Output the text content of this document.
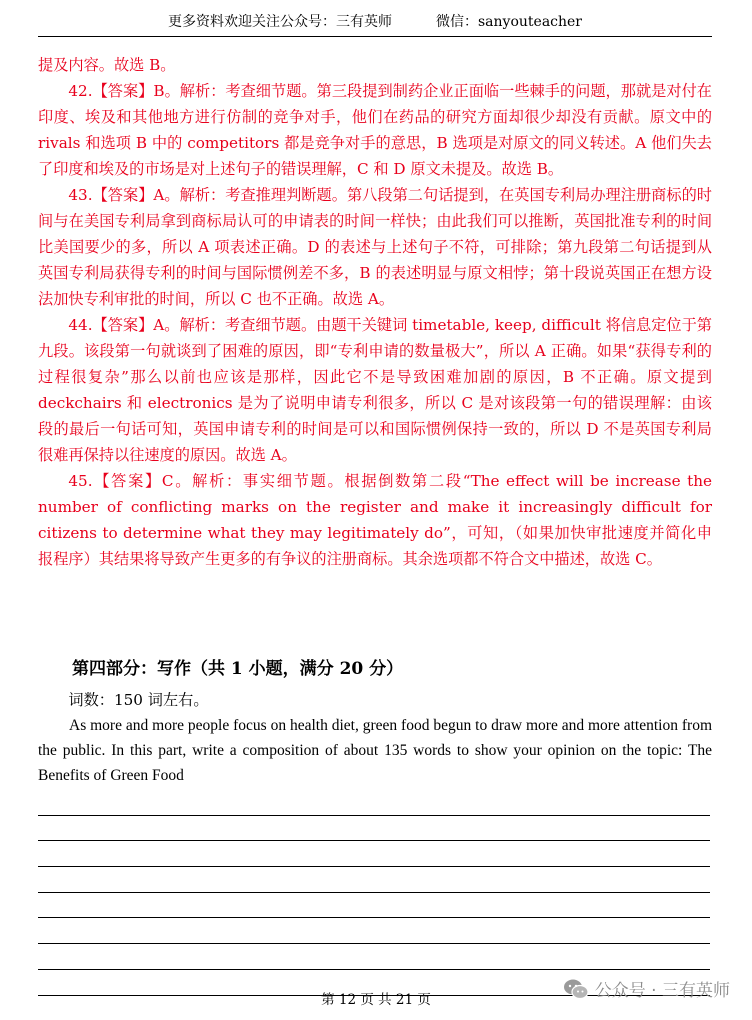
更多资料欢迎关注公众号：三有英师	微信：sanyouteacher

提及内容。故选 B。

42.【答案】B。解析：考查细节题。第三段提到制药企业正面临一些棘手的问题，那就是对付在印度、埃及和其他地方进行仿制的竞争对手，他们在药品的研究方面却很少却没有贡献。原文中的 rivals 和选项 B 中的 competitors 都是竞争对手的意思，B 选项是对原文的同义转述。A 他们失去了印度和埃及的市场是对上述句子的错误理解，C 和 D 原文未提及。故选 B。

43.【答案】A。解析：考查推理判断题。第八段第二句话提到，在英国专利局办理注册商标的时间与在美国专利局拿到商标局认可的申请表的时间一样快；由此我们可以推断，英国批准专利的时间比美国要少的多，所以 A 项表述正确。D 的表述与上述句子不符，可排除；第九段第二句话提到从英国专利局获得专利的时间与国际惯例差不多，B 的表述明显与原文相悖；第十段说英国正在想方设法加快专利审批的时间，所以 C 也不正确。故选 A。

44.【答案】A。解析：考查细节题。由题干关键词 timetable, keep, difficult 将信息定位于第九段。该段第一句就谈到了困难的原因，即“专利申请的数量极大”，所以 A 正确。如果“获得专利的过程很复杂”那么以前也应该是那样，因此它不是导致困难加剧的原因，B 不正确。原文提到 deckchairs 和 electronics 是为了说明申请专利很多，所以 C 是对该段第一句的错误理解：由该段的最后一句话可知，英国申请专利的时间是可以和国际惯例保持一致的，所以 D 不是英国专利局很难再保持以往速度的原因。故选 A。

45.【答案】C。解析：事实细节题。根据倒数第二段“The effect will be increase the number of conflicting marks on the register and make it increasingly difficult for citizens to determine what they may legitimately do”，可知，（如果加快审批速度并简化申报程序）其结果将导致产生更多的有争议的注册商标。其余选项都不符合文中描述，故选 C。

第四部分：写作（共 1 小题，满分 20 分）

词数：150 词左右。

As more and more people focus on health diet, green food begun to draw more and more attention from the public. In this part, write a composition of about 135 words to show your opinion on the topic: The Benefits of Green Food

第 12 页 共 21 页	公众号 · 三有英师
